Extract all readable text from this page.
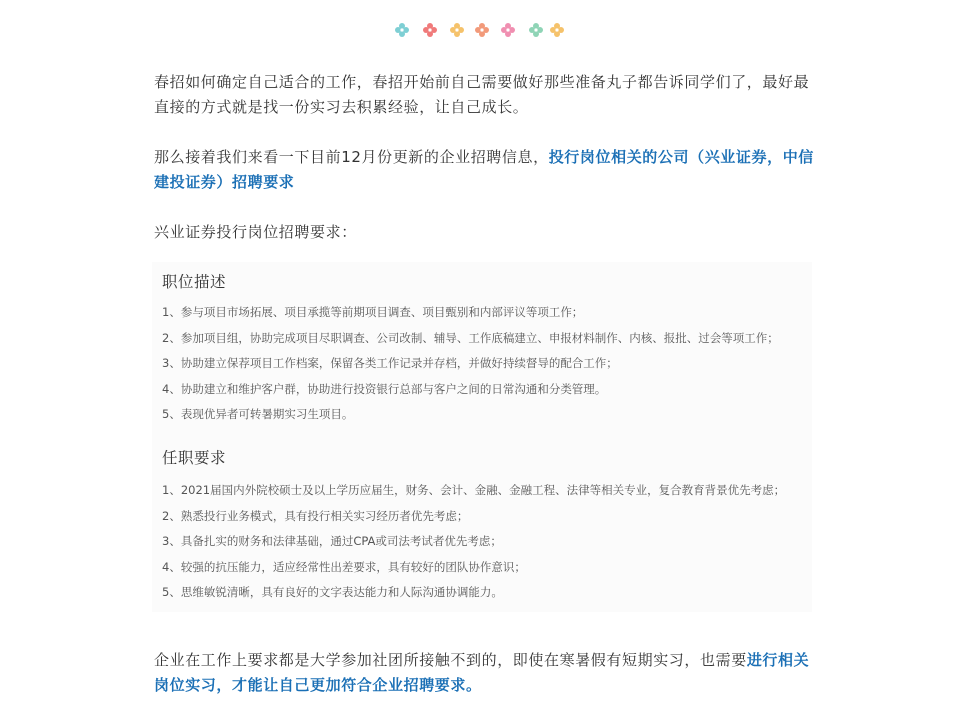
春招如何确定自己适合的工作，春招开始前自己需要做好那些准备丸子都告诉同学们了，最好最直接的方式就是找一份实习去积累经验，让自己成长。

那么接着我们来看一下目前12月份更新的企业招聘信息，投行岗位相关的公司（兴业证券，中信建投证券）招聘要求

兴业证券投行岗位招聘要求：

职位描述
1、参与项目市场拓展、项目承揽等前期项目调查、项目甄别和内部评议等项工作；
2、参加项目组，协助完成项目尽职调查、公司改制、辅导、工作底稿建立、申报材料制作、内核、报批、过会等项工作；
3、协助建立保荐项目工作档案，保留各类工作记录并存档，并做好持续督导的配合工作；
4、协助建立和维护客户群，协助进行投资银行总部与客户之间的日常沟通和分类管理。
5、表现优异者可转暑期实习生项目。
任职要求
1、2021届国内外院校硕士及以上学历应届生，财务、会计、金融、金融工程、法律等相关专业，复合教育背景优先考虑；
2、熟悉投行业务模式，具有投行相关实习经历者优先考虑；
3、具备扎实的财务和法律基础，通过CPA或司法考试者优先考虑；
4、较强的抗压能力，适应经常性出差要求，具有较好的团队协作意识；
5、思维敏锐清晰，具有良好的文字表达能力和人际沟通协调能力。

企业在工作上要求都是大学参加社团所接触不到的，即使在寒暑假有短期实习，也需要进行相关岗位实习，才能让自己更加符合企业招聘要求。
